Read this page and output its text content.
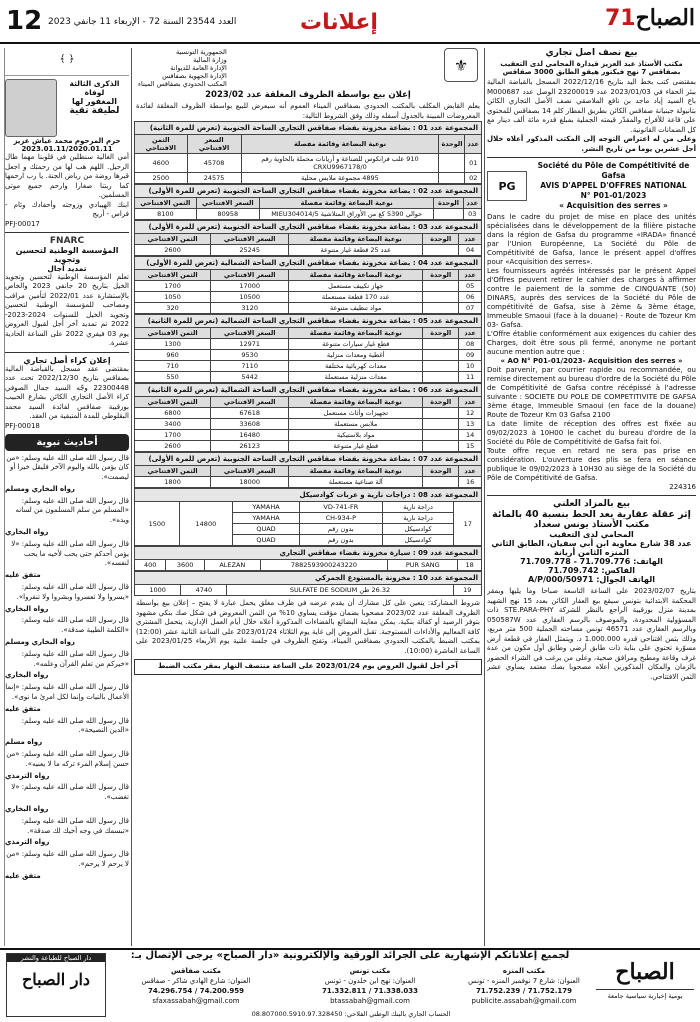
12 العدد 23544 السنة 72 - الإربعاء 11 جانفي 2023	إعلانات	71الصباح
بيع نصف أصل تجاري
مكتب الأستاذ عبد العزيز قيدارة المحامي لدى التعقيب بصفاقس 7 نهج فيكتور هيقو الطابق 3000 صفاقس
بمقتضى كتب بخط اليد بتاريخ 2022/12/16 المسجل بالقباضة المالية ببئر الحفاء في 2023/01/03 عدد 23200019 الوصل عدد M000687 باع السيد إياد ماجد بن نافع الملاصقي نصف الأصل التجاري الكائن بتانيولة جبنيانة صفاقس الكائن بطريق المطار كلم 14 بصفاقس للمحتوي على قاعة للأفراح والمقدّر قيمته الجملية بمبلغ قدره مائة ألف دينار مع كل الضمانات القانونية.
وعلى من له اعتراض التوجه إلى المكتب المذكور أعلاه خلال أجل عشرين يوما من تاريخ النشر.
PG
Société du Pôle de Compétitivité de Gafsa
AVIS D'APPEL D'OFFRES NATIONAL
N° P01-01/2023
« Acquisition des serres »
Dans le cadre du projet de mise en place des unités spécialisées dans le développement de la filière pistache dans la région de Gafsa du programme «IRADA» financé par l'Union Européenne, La Société du Pôle de Compétitivité de Gafsa, lance le présent appel d'offres pour «Acquisition des serres».
Les fournisseurs agréés intéressés par le présent Appel d'Offres peuvent retirer le cahier des charges à affirmer contre le paiement de la somme de CINQUANTE (50) DINARS, auprès des services de la Société du Pôle de compétitivité de Gafsa, sise à 2ème & 3ème étage, Immeuble Smaoui (face à la douane) - Route de Tozeur Km 03- Gafsa.
L'Offre établie conformément aux exigences du cahier des Charges, doit être sous pli fermé, anonyme ne portant aucune mention autre que :
« AO N° P01-01/2023- Acquisition des serres »
Doit parvenir, par courrier rapide ou recommandée, ou remise directement au bureau d'ordre de la Société du Pôle de Compétitivité de Gafsa contre récépissé à l'adresse suivante : SOCIETE DU POLE DE COMPETITIVITE DE GAFSA 3ème étage, Immeuble Smaoui (en face de la douane) Route de Tozeur Km 03 Gafsa 2100
La date limite de réception des offres est fixée au 09/02/2023 à 10H00 le cachet du bureau d'ordre de la Société du Pôle de Compétitivité de Gafsa fait foi.
Toute offre reçue en retard ne sera pas prise en considération. L'ouverture des plis se fera en séance publique le 09/02/2023 à 10H30 au siège de la Société du Pôle de Compétitivité de Gafsa.
224316
بيع بالمزاد العلني
إثر عقلة عقارية بعد الحط بنسبة 40 بالمائة
مكتب الأستاذ يونس سعداد
المحامي لدى التعقيب
عدد 38 شارع معاوية ابن أبي سفيان، الطابق الثاني المنزه الثامن أريانة
الهاتف: 71.709.776 - 71.709.778
الفاكس: 71.709.742
الهاتف الجوال: 50971/A/P/000
بتاريخ 2023/02/07 على الساعة التاسعة صباحا وما يليها وبمقر المحكمة الابتدائية بتونس سيقع بيع العقار الكائن بعدد 15 نهج الشهيد بمدينة منزل بورقيبة الراجع بالنظر للشركة STE.PARA-PHY ذات المسؤولية المحدودة، والموصوف بالرسم العقاري عدد 050587W وبالرسم العقاري عدد 46571 تونس مساحته الجملية 500 متر مربع، وذلك بثمن افتتاحي قدره 1.000.000 د. ويتمثل العقار في قطعة أرض مسوّرة تحتوي على بناية ذات طابق أرضي وطابق أول مكون من عدة غرف وقاعة ومطبخ ومرافق صحية، وعلى من يرغب في الشراء الحضور بالزمان والمكان المذكورين أعلاه مصحوبا بصك معتمد يساوي عشر الثمن الافتتاحي.
الجمهورية التونسية
وزارة المالية
الإدارة العامة للديوانة
الإدارة الجهوية بصفاقس
المكتب الحدودي بصفاقس الميناء
⚜
إعلان بيع بواسطة الظروف المغلقة عدد 2023/02
يعلم القابض المكلف بالمكتب الحدودي بصفاقس الميناء العموم أنه سيعرض للبيع بواسطة الظروف المغلقة لفائدة المعروضات المبينة بالجدول أسفله وذلك وفق الشروط التالية:
المجموعة عدد 01 : بضاعة مخزونة بفضاء صفاقس التجاري الساحة الجنوبية (تعرض للمرة الثانية)
عدد	الوحدة	نوعية البضاعة وقائمة مفصلة	السعر الافتتاحي	الثمن الافتتاحي
01		910 علب فرانكوس للصناعة و أريانات محملة بالحاوية رقم CRXU9967178/0	45708	4600
02		4895 مجموعة ملابس محلية	24575	2500
المجموعة عدد 02 : بضاعة مخزونة بفضاء صفاقس التجاري الساحة الجنوبية (تعرض للمرة الأولى)
عدد	الوحدة	نوعية البضاعة وقائمة مفصلة	السعر الافتتاحي	الثمن الافتتاحي
03		حوالي 5390 كغ من الأوراق المتلاشية MIEU304014/5	80958	8100
المجموعة عدد 03 : بضاعة مخزونة بفضاء صفاقس التجاري الساحة الجنوبية (تعرض للمرة الأولى)
عدد	الوحدة	نوعية البضاعة وقائمة مفصلة	السعر الافتتاحي	الثمن الافتتاحي
04		عدد 25 قطعة غيار متنوعة	25245	2600
المجموعة عدد 04 : بضاعة مخزونة بفضاء صفاقس التجاري الساحة الشمالية (تعرض للمرة الأولى)
عدد	الوحدة	نوعية البضاعة وقائمة مفصلة	السعر الافتتاحي	الثمن الافتتاحي
05		جهاز تكييف مستعمل	17000	1700
06		عدد 170 قطعة مستعملة	10500	1050
07		مواد تنظيف متنوعة	3120	320
المجموعة عدد 05 : بضاعة مخزونة بفضاء صفاقس التجاري الساحة الشمالية (تعرض للمرة الثانية)
عدد	الوحدة	نوعية البضاعة وقائمة مفصلة	السعر الافتتاحي	الثمن الافتتاحي
08		قطع غيار سيارات متنوعة	12971	1300
09		أغطية ومعدات منزلية	9530	960
10		معدات كهربائية مختلفة	7110	710
11		معدات منزلية مستعملة	5442	550
المجموعة عدد 06 : بضاعة مخزونة بفضاء صفاقس التجاري الساحة الشمالية (تعرض للمرة الثانية)
عدد	الوحدة	نوعية البضاعة وقائمة مفصلة	السعر الافتتاحي	الثمن الافتتاحي
12		تجهيزات وأثاث مستعمل	67618	6800
13		ملابس مستعملة	33608	3400
14		مواد بلاستيكية	16480	1700
15		قطع غيار متنوعة	26123	2600
المجموعة عدد 07 : بضاعة مخزونة بفضاء صفاقس التجاري الساحة الجنوبية (تعرض للمرة الأولى)
عدد	الوحدة	نوعية البضاعة وقائمة مفصلة	السعر الافتتاحي	الثمن الافتتاحي
16		آلة صناعية مستعملة	18000	1800
المجموعة عدد 08 : دراجات نارية و عربات كوادسيكل
17	دراجة نارية	VD-741-FR	YAMAHA	14800	1500
	دراجة نارية	CH-934-P	YAMAHA		
	كوادسيكل	بدون رقم	QUAD		
	كوادسيكل	بدون رقم	QUAD		
المجموعة عدد 09 : سيارة مخزونة بفضاء صفاقس التجاري
18	PUR SANG	7882593900243220	ALEZAN	3600	400
المجموعة عدد 10 : مخزونة بالمستودع الجمركي
19	26.32 طن SULFATE DE SODIUM	4740	1000
شروط المشاركة: يتعين على كل مشارك أن يقدم عرضه في ظرف مغلق يحمل عبارة لا يفتح – إعلان بيع بواسطة الظروف المغلقة عدد 2023/02 مصحوبا بضمان مؤقت يساوي 10% من الثمن المعروض في شكل صك بنكي مشهود بتوفر الرصيد أو كفالة بنكية. يمكن معاينة البضائع بالفضاءات المذكورة أعلاه خلال أيام العمل الإدارية. يتحمل المشتري كافة المعاليم والأداءات المستوجبة. تقبل العروض إلى غاية يوم الثلاثاء 2023/01/24 على الساعة الثانية عشر (12:00) بمكتب الضبط بالمكتب الحدودي بصفاقس الميناء، وتفتح الظروف في جلسة علنية يوم الأربعاء 2023/01/25 على الساعة العاشرة (10:00).
آخر أجل لقبول العروض يوم 2023/01/24 على الساعة منتصف النهار بمقر مكتب الضبط
﴾ ﴿
الذكرى الثالثة لوفاة
المغفور لها
لطيفة تقية
حرم المرحوم محمد عياش عزيز
2023.01.11/2020.01.11
أمي الغالية سنظلين في قلوبنا مهما طال الرحيل. اللهم هب لها من رحمتك و اجعل قبرها روضة من رياض الجنة. يا رب ارحمها كما ربتنا صغارا وارحم جميع موتى المسلمين.
ابنك الهيبادي وزوجته وأحفادك وئام - فراس - أريج
PFJ-00017
FNARC
المؤسسة الوطنية لتحسين وتجويد
تمديد آجال
تعلم المؤسسة الوطنية لتحسين وتجويد الخيل بتاريخ 20 جانفي 2023 والخاص بالإستشارة عدد 2022/01 لتأمين مراقب ومصاحب للمؤسسة الوطنية لتحسين وتجويد الخيل للسنوات 2024-2023-2022 تم تمديد آخر أجل لقبول العروض يوم 03 فيفري 2022 على الساعة الحادية عشرة.
إعلان كراء أصل تجاري
بمقتضى عقد مسجل بالقباضة المالية بصفاقس بتاريخ 2022/12/30 تحت عدد 22300448 وجّه السيد جمال الصوفي كراء الأصل التجاري الكائن بشارع الحبيب بورقيبة صفاقس لفائدة السيد محمد البقلوطي للمدة المتبقية من العقد.
PFJ-00018
أحاديث نبوية

قال رسول الله صلى الله عليه وسلم: «من كان يؤمن بالله واليوم الآخر فليقل خيرا أو ليصمت».

رواه البخاري ومسلم

قال رسول الله صلى الله عليه وسلم: «المسلم من سلم المسلمون من لسانه ويده».

رواه البخاري

قال رسول الله صلى الله عليه وسلم: «لا يؤمن أحدكم حتى يحب لأخيه ما يحب لنفسه».

متفق عليه

قال رسول الله صلى الله عليه وسلم: «يسروا ولا تعسروا وبشروا ولا تنفروا».

رواه البخاري

قال رسول الله صلى الله عليه وسلم: «الكلمة الطيبة صدقة».

رواه البخاري ومسلم

قال رسول الله صلى الله عليه وسلم: «خيركم من تعلم القرآن وعلمه».

رواه البخاري

قال رسول الله صلى الله عليه وسلم: «إنما الأعمال بالنيات وإنما لكل امرئ ما نوى».

متفق عليه

قال رسول الله صلى الله عليه وسلم: «الدين النصيحة».

رواه مسلم

قال رسول الله صلى الله عليه وسلم: «من حسن إسلام المرء تركه ما لا يعنيه».

رواه الترمذي

قال رسول الله صلى الله عليه وسلم: «لا تغضب».

رواه البخاري

قال رسول الله صلى الله عليه وسلم: «تبسمك في وجه أخيك لك صدقة».

رواه الترمذي

قال رسول الله صلى الله عليه وسلم: «من لا يرحم لا يرحم».

متفق عليه

لجميع إعلاناتكم الإشهارية على الجرائد الورقية والإلكترونية «دار الصباح» يرجى الإتصال بـ:
دار الصباح للطباعة والنشر
دار الصباح	مكتب المنزه
العنوان: شارع 7 نوفمبر المنزه - تونس
71.752.179 / 71.752.239
publicite.assabah@gmail.com
مكتب تونس
العنوان: نهج ابن خلدون - تونس
71.338.033 / 71.332.811
btassabah@gmail.com
مكتب صفاقس
العنوان: شارع الهادي شاكر - صفاقس
74.200.959 / 74.296.754
sfaxassabah@gmail.com
الحساب الجاري بالبنك الوطني الفلاحي: 08.807000.5910.97.328450
الصباح
يومية إخبارية سياسية جامعة
